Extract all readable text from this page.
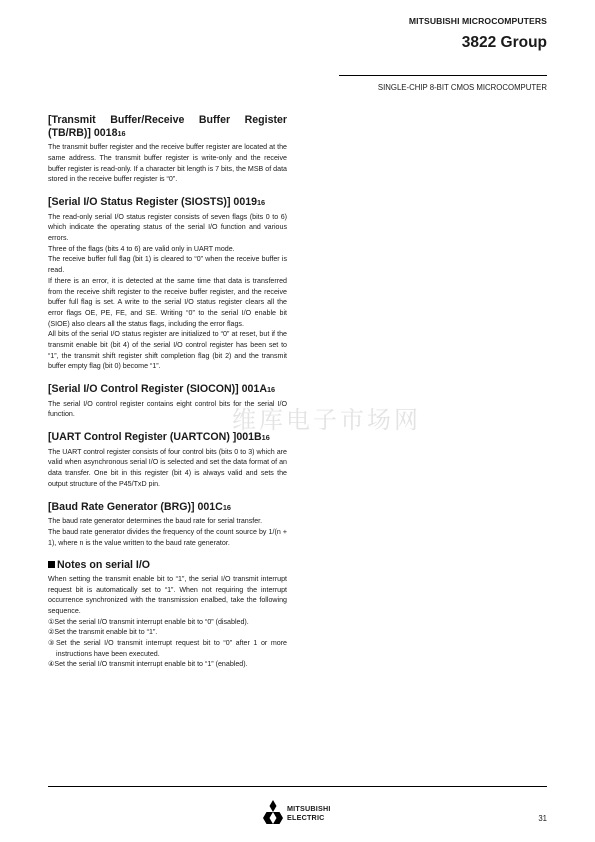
MITSUBISHI MICROCOMPUTERS
3822 Group
SINGLE-CHIP 8-BIT CMOS MICROCOMPUTER
[Transmit Buffer/Receive Buffer Register (TB/RB)] 001816

The transmit buffer register and the receive buffer register are located at the same address. The transmit buffer register is write-only and the receive buffer register is read-only. If a character bit length is 7 bits, the MSB of data stored in the receive buffer register is “0”.

[Serial I/O Status Register (SIOSTS)] 001916

The read-only serial I/O status register consists of seven flags (bits 0 to 6) which indicate the operating status of the serial I/O function and various errors.

Three of the flags (bits 4 to 6) are valid only in UART mode.

The receive buffer full flag (bit 1) is cleared to “0” when the receive buffer is read.

If there is an error, it is detected at the same time that data is transferred from the receive shift register to the receive buffer register, and the receive buffer full flag is set. A write to the serial I/O status register clears all the error flags OE, PE, FE, and SE. Writing “0” to the serial I/O enable bit (SIOE) also clears all the status flags, including the error flags.

All bits of the serial I/O status register are initialized to “0” at reset, but if the transmit enable bit (bit 4) of the serial I/O control register has been set to “1”, the transmit shift register shift completion flag (bit 2) and the transmit buffer empty flag (bit 0) become “1”.

[Serial I/O Control Register (SIOCON)] 001A16

The serial I/O control register contains eight control bits for the serial I/O function.

[UART Control Register (UARTCON) ]001B16

The UART control register consists of four control bits (bits 0 to 3) which are valid when asynchronous serial I/O is selected and set the data format of an data transfer. One bit in this register (bit 4) is always valid and sets the output structure of the P45/TxD pin.

[Baud Rate Generator (BRG)] 001C16

The baud rate generator determines the baud rate for serial transfer.

The baud rate generator divides the frequency of the count source by 1/(n + 1), where n is the value written to the baud rate generator.

Notes on serial I/O

When setting the transmit enable bit to “1”, the serial I/O transmit interrupt request bit is automatically set to “1”. When not requiring the interrupt occurrence synchronized with the transmission enalbed, take the following sequence.

①Set the serial I/O transmit interrupt enable bit to “0” (disabled).

②Set the transmit enable bit to “1”.

③Set the serial I/O transmit interrupt request bit to “0” after 1 or more instructions have been executed.

④Set the serial I/O transmit interrupt enable bit to “1” (enabled).

维库电子市场网
MITSUBISHI
ELECTRIC	31
